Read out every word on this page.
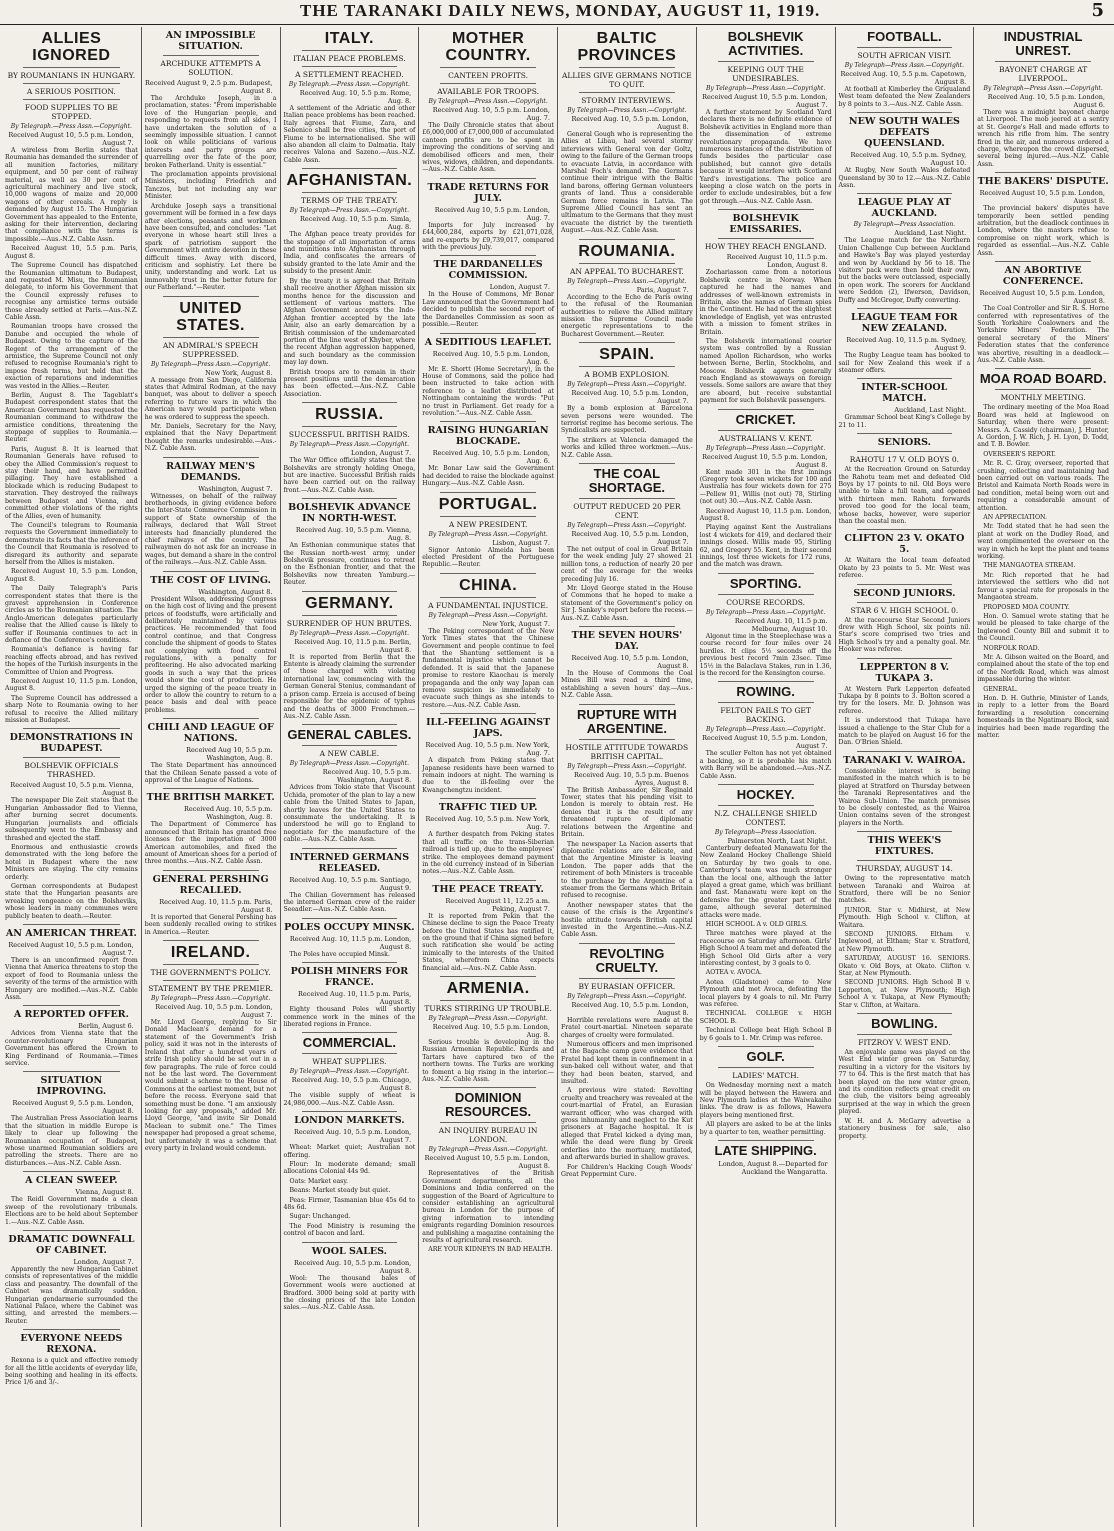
THE TARANAKI DAILY NEWS, MONDAY, AUGUST 11, 1919.	5
ALLIES IGNORED
BY ROUMANIANS IN HUNGARY.
A SERIOUS POSITION.
FOOD SUPPLIES TO BE STOPPED.
By Telegraph.—Press Assn.—Copyright.
Received August 10, 5.5 p.m. London, August 7.

A wireless from Berlin states that Roumania has demanded the surrender of all munition factories, military equipment, and 50 per cent of railway material, as well as 30 per cent of agricultural machinery and live stock, 10,000 wagons of maize and 20,000 wagons of other cereals. A reply is demanded by August 15. The Hungarian Government has appealed to the Entente, asking for their intervention, declaring that compliance with the terms is impossible.—Aus.-N.Z. Cable Assn.

Received August 10, 5.5 p.m. Paris, August 8.

The Supreme Council has dispatched the Roumanian ultimatum to Budapest, and requested M. Misu, the Roumanian delegate, to inform his Government that the Council expressly refuses to recognise any armistice terms outside those already settled at Paris.—Aus.-N.Z. Cable Assn.

Roumanian troops have crossed the Danube and occupied the whole of Budapest. Owing to the capture of the Regent of the arrangement of the armistice, the Supreme Council not only refused to recognise Roumania's right to impose fresh terms, but held that the exaction of reparations and indemnities was vested in the Allies.—Reuter.

Berlin, August 8. The Tageblatt's Budapest correspondent states that the American Government has requested the Roumanian command to withdraw the armistice conditions, threatening the stoppage of supplies to Roumania.—Reuter.

Paris, August 8. It is learned that Roumanian Generals have refused to obey the Allied Commission's request to stay their hand, and have permitted pillaging. They have established a blockade which is reducing Budapest to starvation. They destroyed the railways between Budapest and Vienna, and committed other violations of the rights of the Allies, even of humanity.

The Council's telegram to Roumania requests the Government immediately to demonstrate its facts that the inference of the Council that Roumania is resolved to disregard its authority and separate herself from the Allies is mistaken.

Received August 10, 5.5 p.m. London, August 8.

The Daily Telegraph's Paris correspondent states that there is the gravest apprehension in Conference circles as to the Roumanian situation. The Anglo-American delegates particularly realise that the Allied cause is likely to suffer if Roumania continues to act in defiance of the Conference's conditions.

Roumania's defiance is having far reaching effects abroad, and has revived the hopes of the Turkish insurgents in the Committee of Union and Progress.

Received August 10, 11.5 p.m. London, August 8.

The Supreme Council has addressed a sharp Note to Roumania owing to her refusal to receive the Allied military mission at Budapest.

DEMONSTRATIONS IN BUDAPEST.
BOLSHEVIK OFFICIALS THRASHED.
Received August 10, 5.5 p.m. Vienna, August 8.

The newspaper Die Zeit states that the Hungarian Ambassador fled to Vienna, after burning secret documents. Hungarian journalists and officials subsequently went to the Embassy and thrashed and ejected the staff.

Enormous and enthusiastic crowds demonstrated with the long before the hotel in Budapest where the new Ministers are staying. The city remains orderly.

German correspondents at Budapest state that the Hungarian peasants are wreaking vengeance on the Bolsheviks, whose leaders in many communes were publicly beaten to death.—Reuter.

AN AMERICAN THREAT.
Received August 10, 5.5 p.m. London, August 7.

There is an unconfirmed report from Vienna that America threatens to stop the export of food to Roumania unless the severity of the terms of the armistice with Hungary are modified.—Aus.-N.Z. Cable Assn.

A REPORTED OFFER.
Berlin, August 6.

Advices from Vienna state that the counter-revolutionary Hungarian Government has offered the Crown to King Ferdinand of Roumania.—Times service.

SITUATION IMPROVING.
Received August 9, 5.5 p.m. London, August 8.

The Australian Press Association learns that the situation in middle Europe is likely to clear up following the Roumanian occupation of Budapest, whose unarmed Roumanian soldiers are patrolling the streets. There are no disturbances.—Aus.-N.Z. Cable Assn.

A CLEAN SWEEP.
Vienna, August 8.

The Reidl Government made a clean sweep of the revolutionary tribunals. Elections are to be held about September 1.—Aus.-N.Z. Cable Assn.

DRAMATIC DOWNFALL OF CABINET.
London, August 7.

Apparently the new Hungarian Cabinet consists of representatives of the middle class and peasantry. The downfall of the Cabinet was dramatically sudden. Hungarian gendarmerie surrounded the National Palace, where the Cabinet was sitting, and arrested the members.—Reuter.

EVERYONE NEEDS REXONA.

Rexona is a quick and effective remedy for all the little accidents of everyday life, being soothing and healing in its effects. Price 1/6 and 3/-.

AN IMPOSSIBLE SITUATION.
ARCHDUKE ATTEMPTS A SOLUTION.
Received August 9, 2.5 p.m. Budapest, August 8.

The Archduke Joseph, in a proclamation, states: "From imperishable love of the Hungarian people, and responding to requests from all sides, I have undertaken the solution of a seemingly impossible situation. I cannot look on while politicians of various interests and party groups are quarrelling over the fate of the poor, broken Fatherland. Unity is essential."

The proclamation appoints provisional Ministers, including Friedrich and Tanczos, but not including any war Minister.

Archduke Joseph says a transitional government will be formed in a few days after elections, peasants and workmen have been consulted, and concludes: "Let everyone in whose heart still lives a spark of patriotism support the Government with entire devotion in these difficult times. Away with discord, criticism and sophistry. Let there be unity, understanding and work. Let us immovably trust in the better future for our Fatherland."—Reuter.

UNITED STATES.
AN ADMIRAL'S SPEECH SUPPRESSED.
By Telegraph—Press Assn.—Copyright.
New York, August 8.

A message from San Diego, California states that Admiral Rodman, at the navy banquet, was about to deliver a speech referring to future wars in which the American navy would participate when he was ordered to suppress the speech.

Mr. Daniels, Secretary for the Navy, explained that the Navy Department thought the remarks undesirable.—Aus.-N.Z. Cable Assn.

RAILWAY MEN'S DEMANDS.
Washington, August 7.

Witnesses, on behalf of the railway brotherhoods, in giving evidence before the Inter-State Commerce Commission in support of State ownership of the railways, declared that Wall Street interests had financially plundered the chief railways of the country. The railwaymen do not ask for an increase in wages, but demand a share in the control of the railways.—Aus.-N.Z. Cable Assn.

THE COST OF LIVING.
Washington, August 8.

President Wilson, addressing Congress on the high cost of living and the present prices of foodstuffs, were artificially and deliberately maintained by various practices. He recommended that food control continue, and that Congress conclude the shipment of goods to States not complying with food control regulations, with a penalty for profiteering. He also advocated marking goods in such a way that the prices would show the cost of production. He urged the signing of the peace treaty in order to allow the country to return to a peace basis and deal with peace problems.

CHILI AND LEAGUE OF NATIONS.
Received Aug 10, 5.5 p.m. Washington, Aug. 8.

The State Department has announced that the Chilean Senate passed a vote of approval of the League of Nations.

THE BRITISH MARKET.
Received Aug. 10, 5.5 p.m. Washington, Aug. 8.

The Department of Commerce has announced that Britain has granted free licenses for the importation of 3000 American automobiles, and fixed the amount of American shoes for a period of three months.—Aus.-N.Z. Cable Assn.

GENERAL PERSHING RECALLED.
Received Aug. 10, 11.5 p.m. Paris, August 8.

It is reported that General Pershing has been suddenly recalled owing to strikes in America.—Reuter.

IRELAND.
THE GOVERNMENT'S POLICY.
STATEMENT BY THE PREMIER.
By Telegraph—Press Assn.—Copyright.
Received Aug. 10, 5.5 p.m. London, August 7.

Mr. Lloyd George, replying to Sir Donald Maclean's demand for a statement of the Government's Irish policy, said it was not in the interests of Ireland that after a hundred years of strife Irish policy should be set out in a few paragraphs. The rule of force could not be the last word. The Government would submit a scheme to the House of Commons at the earliest moment, but not before the recess. Everyone said that something must be done. "I am anxiously looking for any proposals," added Mr. Lloyd George, "and invite Sir Donald Maclean to submit one." The Times newspaper had proposed a great scheme, but unfortunately it was a scheme that every party in Ireland would condemn.

ITALY.
ITALIAN PEACE PROBLEMS.
A SETTLEMENT REACHED.
By Telegraph.—Press Assn.—Copyright.
Received Aug. 10, 5.5 p.m. Rome, Aug. 8.

A settlement of the Adriatic and other Italian peace problems has been reached. Italy agrees that Fiume, Zara, and Sebenico shall be free cities, the port of Fiume to be internationalised. She will also abandon all claim to Dalmatia. Italy receives Valona and Sazeno.—Aus.-N.Z. Cable Assn.

AFGHANISTAN.
TERMS OF THE TREATY.
By Telegraph—Press Assn.—Copyright.
Received Aug. 10, 5.5 p.m. Simla, Aug. 8.

The Afghan peace treaty provides for the stoppage of all importation of arms and munitions into Afghanistan through India, and confiscates the arrears of subsidy granted to the late Amir and the subsidy to the present Amir.

By the treaty it is agreed that Britain shall receive another Afghan mission six months hence for the discussion and settlement of various matters. The Afghan Government accepts the Indo-Afghan frontier accepted by the late Amir, also an early demarcation by a British commission of the undemarcated portion of the line west of Khyber, where the recent Afghan aggression happened, and such boundary as the commission may lay down.

British troops are to remain in their present positions until the demarcation has been effected.—Aus.-N.Z. Cable Association.

RUSSIA.
SUCCESSFUL BRITISH RAIDS.
By Telegraph—Press Assn.—Copyright.
London, August 7.

The War Office officially states that the Bolsheviks are strongly holding Onega, but are inactive. Successful British raids have been carried out on the railway front.—Aus.-N.Z. Cable Assn.

BOLSHEVIK ADVANCE IN NORTH-WEST.
Received Aug. 10, 5.5 p.m. Vienna, Aug. 8.

An Esthonian communique states that the Russian north-west army, under Bolshevik pressure, continues to retreat on the Esthonian frontier, and that the Bolsheviks now threaten Yamburg.—Reuter.

GERMANY.
SURRENDER OF HUN BRUTES.
By Telegraph—Press Assn.—Copyright.
Received Aug. 10, 11.5 p.m. Berlin, August 8.

It is reported from Berlin that the Entente is already claiming the surrender of those charged with violating international law, commencing with the German General Stenius, commandant of a prison camp. Erzeia is accused of being responsible for the epidemic of typhus and the deaths of 3000 Frenchmen.—Aus.-N.Z. Cable Assn.

GENERAL CABLES.
A NEW CABLE.
By Telegraph—Press Assn.—Copyright.
Received Aug. 10, 5.5 p.m. Washington, August 8.

Advices from Tokio state that Viscount Uchida, promoter of the plan to lay a new cable from the United States to Japan, shortly leaves for the United States to consummate the undertaking. It is understood he will go to England to negotiate for the manufacture of the cable.—Aus.-N.Z. Cable Assn.

INTERNED GERMANS RELEASED.
Received Aug. 10, 5.5 p.m. Santiago, August 9.

The Chilian Government has released the interned German crew of the raider Seeadler.—Aus.-N.Z. Cable Assn.

POLES OCCUPY MINSK.
Received Aug. 10, 11.5 p.m. London, August 8.

The Poles have occupied Minsk.

POLISH MINERS FOR FRANCE.
Received Aug. 10, 11.5 p.m. Paris, August 8.

Eighty thousand Poles will shortly commence work in the mines of the liberated regions in France.

COMMERCIAL.
WHEAT SUPPLIES.
By Telegraph—Press Assn.—Copyright.
Received Aug. 10, 5.5 p.m. Chicago, August 8.

The visible supply of wheat is 24,986,000.—Aus.-N.Z. Cable Assn.

LONDON MARKETS.
Received Aug. 10, 5.5 p.m. London, August 7.

Wheat: Market quiet; Australian not offering.

Flour: In moderate demand; small allocations Colonial 44s 9d.

Oats: Market easy.

Beans: Market steady but quiet.

Peas: Firmer, Tasmanian blue 45s 6d to 48s 6d.

Sugar: Unchanged.

The Food Ministry is resuming the control of bacon and lard.

WOOL SALES.
Received Aug. 10, 5.5 p.m. London, August 8.

Wool: The thousand bales of Government wools were auctioned at Bradford. 3000 being sold at parity with the closing prices of the late London sales.—Aus.-N.Z. Cable Assn.

MOTHER COUNTRY.
CANTEEN PROFITS.
AVAILABLE FOR TROOPS.
By Telegraph—Press Assn.—Copyright.
Received Aug. 10, 5.5 p.m. London, Aug. 7.

The Daily Chronicle states that about £6,000,000 of £7,000,000 of accumulated canteen profits are to be spent in improving the conditions of serving and demobilised officers and men, their wives, widows, children, and dependants.—Aus.-N.Z. Cable Assn.

TRADE RETURNS FOR JULY.
Received Aug 10, 5.5 p.m. London, Aug. 7.

Imports for July increased by £44,600,284, exports by £21,071,028, and re-exports by £9,739,017, compared with the previous July.

THE DARDANELLES COMMISSION.
London, August 7.

In the House of Commons, Mr Bonar Law announced that the Government had decided to publish the second report of the Dardanelles Commission as soon as possible.—Reuter.

A SEDITIOUS LEAFLET.
Received Aug. 10, 5.5 p.m. London, Aug. 6.

Mr. E. Shortt (Home Secretary), in the House of Commons, said the police had been instructed to take action with reference to a leaflet distributed at Nottingham containing the words: "Put no trust in Parliament. Get ready for a revolution."—Aus.-N.Z. Cable Assn.

RAISING HUNGARIAN BLOCKADE.
Received Aug. 10, 5.5 p.m. London, Aug. 6.

Mr. Bonar Law said the Government had decided to raise the blockade against Hungary.—Aus.-N.Z. Cable Assn.

PORTUGAL.
A NEW PRESIDENT.
By Telegraph—Press Assn.—Copyright.
Lisbon, August 7.

Signor Antonio Almeida has been elected President of the Portuguese Republic.—Reuter.

CHINA.
A FUNDAMENTAL INJUSTICE.
By Telegraph—Press Assn.—Copyright.
New York, August 7.

The Peking correspondent of the New York Times states that the Chinese Government and people continue to feel that the Shantung settlement is a fundamental injustice which cannot be defended. It is said that the Japanese promise to restore Kiaochau is merely propaganda and the only way Japan can remove suspicion is immediately to evacuate such things as she intends to restore.—Aus.-N.Z. Cable Assn.

ILL-FEELING AGAINST JAPS.
Received Aug. 10, 5.5 p.m. New York, Aug. 7.

A dispatch from Peking states that Japanese residents have been warned to remain indoors at night. The warning is due to the ill-feeling over the Kwangchengtzu incident.

TRAFFIC TIED UP.
Received Aug. 10, 5.5 p.m. New York, Aug. 7.

A further despatch from Peking states that all traffic on the trans-Siberian railroad is tied up, due to the employees' strike. The employees demand payment in the old currency instead of in Siberian notes.—Aus.-N.Z. Cable Assn.

THE PEACE TREATY.
Received August 11, 12.25 a.m. Peking, August 7.

It is reported from Pekin that the Chinese decline to sign the Peace Treaty before the United States has ratified it, on the ground that if China signed before such ratification she would be acting inimically to the interests of the United States, wherefrom China expects financial aid.—Aus.-N.Z. Cable Assn.

ARMENIA.
TURKS STIRRING UP TROUBLE.
By Telegraph—Press Assn.—Copyright.
Received Aug. 10, 5.5 p.m. London, Aug. 8.

Serious trouble is developing in the Russian Armenian Republic. Kurds and Tartars have captured two of the northern towns. The Turks are working to foment a big rising in the interior.—Aus.-N.Z. Cable Assn.

DOMINION RESOURCES.
AN INQUIRY BUREAU IN LONDON.
By Telegraph—Press Assn.—Copyright.
Received August 10, 5.5 p.m. London, August 8.

Representatives of the British Government departments, all the Dominions and India conferred on the suggestion of the Board of Agriculture to consider establishing an agricultural bureau in London for the purpose of giving information to intending emigrants regarding Dominion resources and publishing a magazine containing the results of agricultural research.

ARE YOUR KIDNEYS IN BAD HEALTH.

BALTIC PROVINCES
ALLIES GIVE GERMANS NOTICE TO QUIT.
STORMY INTERVIEWS.
By Telegraph—Press Assn.—Copyright.
Received Aug. 10, 5.5 p.m. London, August 8.

General Gough who is representing the Allies at Libau, had several stormy interviews with General von der Goltz, owing to the failure of the German troops to evacuate Latvia, in accordance with Marshal Foch's demand. The Germans continue their intrigue with the Baltic land barons, offering German volunteers grants of land. Thus a considerable German force remains in Latvia. The Supreme Allied Council has sent an ultimatum to the Germans that they must evacuate the district by the twentieth August.—Aus.-N.Z. Cable Assn.

ROUMANIA.
AN APPEAL TO BUCHAREST.
By Telegraph—Press Assn.—Copyright.
Paris, August 7.

According to the Echo de Paris owing to the refusal of the Roumanian authorities to relieve the Allied military mission the Supreme Council made energetic representations to the Bucharest Government.—Reuter.

SPAIN.
A BOMB EXPLOSION.
By Telegraph—Press Assn.—Copyright.
Received Aug. 10, 5.5 p.m. London, August 7.

By a bomb explosion at Barcelona seven persons were wounded. The terrorist regime has become serious. The Syndicalists are suspected.

The strikers at Valencia damaged the works and killed three workmen.—Aus.-N.Z. Cable Assn.

THE COAL SHORTAGE.
OUTPUT REDUCED 20 PER CENT.
By Telegraph—Press Assn.—Copyright.
Received Aug. 10, 5.5 p.m. London, August 7.

The net output of coal in Great Britain for the week ending July 27 showed 21 million tons, a reduction of nearly 20 per cent of the average for the weeks preceding July 16.

Mr. Lloyd George stated in the House of Commons that he hoped to make a statement of the Government's policy on Sir J. Sankey's report before the recess.—Aus.-N.Z. Cable Assn.

THE SEVEN HOURS' DAY.
Received Aug. 10, 5.5 p.m. London, August 8.

In the House of Commons the Coal Mines Bill was read a third time, establishing a seven hours' day.—Aus.-N.Z. Cable Assn.

RUPTURE WITH ARGENTINE.
HOSTILE ATTITUDE TOWARDS BRITISH CAPITAL.
By Telegraph—Press Assn.—Copyright.
Received Aug. 10, 5.5 p.m. Buenos Ayres, August 8.

The British Ambassador, Sir Reginald Tower, states that his pending visit to London is merely to obtain rest. He denies that it is the result of any threatened rupture of diplomatic relations between the Argentine and Britain.

The newspaper La Nacion asserts that diplomatic relations are delicate, and that the Argentine Minister is leaving London. The paper adds that the retirement of both Ministers is traceable to the purchase by the Argentine of a steamer from the Germans which Britain refused to recognise.

Another newspaper states that the cause of the crisis is the Argentine's hostile attitude towards British capital invested in the Argentine.—Aus.-N.Z. Cable Assn.

REVOLTING CRUELTY.
BY EURASIAN OFFICER.
By Telegraph—Press Assn.—Copyright.
Received Aug. 10, 5.5 p.m. London, August 8.

Horrible revelations were made at the Fratel court-martial. Nineteen separate charges of cruelty were formulated.

Numerous officers and men imprisoned at the Bagache camp gave evidence that Fratel had kept them in confinement in a sun-baked cell without water, and that they had been beaten, starved, and insulted.

A previous wire stated: Revolting cruelty and treachery was revealed at the court-martial of Fratel, an Eurasian warrant officer, who was charged with gross inhumanity and neglect to the Kut prisoners at Bagache hospital. It is alleged that Fratel kicked a dying man, while the dead were flung by Greek orderlies into the mortuary, mutilated, and afterwards buried in shallow graves.

For Children's Hacking Cough Woods' Great Peppermint Cure.

BOLSHEVIK ACTIVITIES.
KEEPING OUT THE UNDESIRABLES.
By Telegraph—Press Assn.—Copyright.
Received August 10, 5.5 p.m. London, August 7.

A further statement by Scotland Yard declares there is no definite evidence of Bolshevik activities in England more than the dissemination of extreme revolutionary propaganda. We have numerous instances of the distribution of funds besides the particular case published, but cannot give details because it would interfere with Scotland Yard's investigations. The police are keeping a close watch on the ports in order to exclude undesirables, but a few got through.—Aus.-N.Z. Cable Assn.

BOLSHEVIK EMISSARIES.
HOW THEY REACH ENGLAND.
Received August 10, 11.5 p.m. London, August 8.

Zochariasson came from a notorious Bolshevik centre in Norway. When captured he had the names and addresses of well-known extremists in Britain, also the names of German spies in the Continent. He had not the slightest knowledge of English, yet was entrusted with a mission to foment strikes in Britain.

The Bolshevik international courier system was controlled by a Russian named Apollon Richardson, who works between Berne, Berlin, Stockholm, and Moscow. Bolshevik agents generally reach England as stowaways on foreign vessels. Some sailors are aware that they are aboard, but receive substantial payment for such Bolshevik passengers.

CRICKET.
AUSTRALIANS V. KENT.
By Telegraph—Press Assn.—Copyright.
Received August 10, 5.5 p.m. London, August 8.

Kent made 301 in the first innings (Gregory took seven wickets for 100 and Australia has four wickets down for 275—Pellew 91, Willis (not out) 78, Stirling (not out) 30.—Aus.-N.Z. Cable Assn.

Received August 10, 11.5 p.m. London, August 8.

Playing against Kent the Australians lost 4 wickets for 419, and declared their innings closed. Willis made 95, Stirling 62, and Gregory 55. Kent, in their second innings, lost three wickets for 172 runs, and the match was drawn.

SPORTING.
COURSE RECORDS.
By Telegraph—Press Assn.—Copyright.
Received Aug. 10, 11.5 p.m. Melbourne, August 10.

Algonut time in the Steeplechase was a course record for four miles over 24 hurdles. It clips 5½ seconds off the previous best record 7min 23sec. Time 15½ in the Balaclava Stakes, run in 1.36, is the record for the Kensington course.

ROWING.
FELTON FAILS TO GET BACKING.
By Telegraph—Press Assn.—Copyright.
Received August 10, 5.5 p.m. London, August 7.

The sculler Felton has not yet obtained a backing, so it is probable his match with Barry will be abandoned.—Aus.-N.Z. Cable Assn.

HOCKEY.
N.Z. CHALLENGE SHIELD CONTEST.
By Telegraph—Press Association.
Palmerston North, Last Night.

Canterbury defeated Manawatu for the New Zealand Hockey Challenge Shield on Saturday by two goals to one. Canterbury's team was much stronger than the local one, although the latter played a great game, which was brilliant and fast. Manawatu were kept on the defensive for the greater part of the game, although several determined attacks were made.

HIGH SCHOOL A v. OLD GIRLS.

Three matches were played at the racecourse on Saturday afternoon. Girls' High School A team met and defeated the High School Old Girls after a very interesting contest, by 3 goals to 0.

AOTEA v. AVOCA.

Aotea (Gladstone) came to New Plymouth and met Avoca, defeating the local players by 4 goals to nil. Mr. Parry was referee.

TECHNICAL COLLEGE v. HIGH SCHOOL B.

Technical College beat High School B by 6 goals to 1. Mr. Crimp was referee.

GOLF.
LADIES' MATCH.

On Wednesday morning next a match will be played between the Hawera and New Plymouth ladies at the Waiwakaiho links. The draw is as follows, Hawera players being mentioned first.

All players are asked to be at the links by a quarter to ten, weather permitting.

LATE SHIPPING.
London, August 8.—Departed for Auckland the Wangaratta.
FOOTBALL.
SOUTH AFRICAN VISIT.
By Telegraph—Press Assn.—Copyright.
Received Aug. 10, 5.5 p.m. Capetown, August 8.

At football at Kimberley the Griqualand West team defeated the New Zealanders by 8 points to 3.—Aus.-N.Z. Cable Assn.

NEW SOUTH WALES DEFEATS QUEENSLAND.
Received Aug. 10, 5.5 p.m. Sydney, August 10.

At Rugby, New South Wales defeated Queensland by 30 to 12.—Aus.-N.Z. Cable Assn.

LEAGUE PLAY AT AUCKLAND.
By Telegraph—Press Association.
Auckland, Last Night.

The League match for the Northern Union Challenge Cup between Auckland and Hawke's Bay was played yesterday and won by Auckland by 56 to 18. The visitors' pack were then hold their own, but the backs were outclassed, especially in open work. The scorers for Auckland were Seddon (2), Ifwerson, Davidson, Duffy and McGregor, Duffy converting.

LEAGUE TEAM FOR NEW ZEALAND.
Received Aug. 10, 11.5 p.m. Sydney, August 9.

The Rugby League team has booked to sail for New Zealand this week if a steamer offers.

INTER-SCHOOL MATCH.
Auckland, Last Night.

Grammar School beat King's College by 21 to 11.

SENIORS.
RAHOTU 17 V. OLD BOYS 0.

At the Recreation Ground on Saturday the Rahotu team met and defeated Old Boys by 17 points to nil. Old Boys were unable to take a full team, and opened with thirteen men. Rahotu forwards proved too good for the local team, whose backs, however, were superior than the coastal men.

CLIFTON 23 V. OKATO 5.

At Waitara the local team defeated Okato by 23 points to 5. Mr. West was referee.

SECOND JUNIORS.
STAR 6 V. HIGH SCHOOL 0.

At the racecourse Star Second Juniors drew with High School, six points nil. Star's score comprised two tries and High School's try and a penalty goal. Mr. Hooker was referee.

LEPPERTON 8 V. TUKAPA 3.

At Western Park Lepperton defeated Tukapa by 8 points to 3. Bolton scored a try for the losers. Mr. D. Johnson was referee.

It is understood that Tukapa have issued a challenge to the Star Club for a match to be played on August 16 for the Dan. O'Brien Shield.

TARANAKI V. WAIROA.

Considerable interest is being manifested in the match which is to be played at Stratford on Thursday between the Taranaki Representatives and the Wairoa Sub-Union. The match promises to be closely contested, as the Wairoa Union contains seven of the strongest players in the North.

THIS WEEK'S FIXTURES.
THURSDAY, AUGUST 14.

Owing to the representative match between Taranaki and Wairoa at Stratford, there will be no Senior matches.

JUNIOR. Star v. Midhirst, at New Plymouth. High School v. Clifton, at Waitara.

SECOND JUNIORS. Eltham v. Inglewood, at Eltham; Star v. Stratford, at New Plymouth.

SATURDAY, AUGUST 16. SENIORS. Okato v. Old Boys, at Okato. Clifton v. Star, at New Plymouth.

SECOND JUNIORS. High School B v. Lepperton, at New Plymouth; High School A v. Tukapa, at New Plymouth; Star v. Clifton, at Waitara.

BOWLING.
FITZROY V. WEST END.

An enjoyable game was played on the West End winter green on Saturday, resulting in a victory for the visitors by 77 to 64. This is the first match that has been played on the new winter green, and its condition reflects great credit on the club, the visitors being agreeably surprised at the way in which the green played.

W. H. and A. McGarry advertise a stationery business for sale, also property.

INDUSTRIAL UNREST.
BAYONET CHARGE AT LIVERPOOL.
By Telegraph—Press Assn.—Copyright.
Received Aug. 10, 5.5 p.m. London, August 6.

There was a midnight bayonet charge at Liverpool. The mob jeered at a sentry at St. George's Hall and made efforts to wrench his rifle from him. The sentry fired in the air, and numerous ordered a charge, whereupon the crowd dispersed, several being injured.—Aus.-N.Z. Cable Assn.

THE BAKERS' DISPUTE.
Received August 10, 5.5 p.m. London, August 8.

The provincial bakers' disputes have temporarily been settled pending arbitration, but the deadlock continues in London, where the masters refuse to compromise on night work, which is regarded as essential.—Aus.-N.Z. Cable Assn.

AN ABORTIVE CONFERENCE.
Received August 10, 5.5 p.m. London, August 8.

The Coal Controller and Sir R. S. Horne conferred with representatives of the South Yorkshire Coalowners and the Yorkshire Miners' Federation. The general secretary of the Miners' Federation states that the conference was abortive, resulting in a deadlock.—Aus.-N.Z. Cable Assn.

MOA ROAD BOARD.
MONTHLY MEETING.

The ordinary meeting of the Moa Road Board was held at Inglewood on Saturday, when there were present: Messrs. A. Cassidy (chairman), J. Hunter, A. Gordon, J. W. Rich, J. H. Lyon, D. Todd, and T. B. Bowler.

OVERSEER'S REPORT.

Mr. R. C. Gray, overseer, reported that crushing, collecting and maintaining had been carried out on various roads. The Bristol and Kaimata North Roads were in bad condition, metal being worn out and requiring a considerable amount of attention.

AN APPRECIATION.

Mr. Todd stated that he had seen the plant at work on the Dudley Road, and went complimented the overseer on the way in which he kept the plant and teams working.

THE MANGAOTEA STREAM.

Mr. Rich reported that he had interviewed the settlers who did not favour a special rate for proposals in the Mangaotea stream.

PROPOSED MOA COUNTY.

Hon. O. Samuel wrote stating that he would be pleased to take charge of the Inglewood County Bill and submit it to the Council.

NORFOLK ROAD.

Mr. A. Gibson waited on the Board, and complained about the state of the top end of the Norfolk Road, which was almost impassable during the winter.

GENERAL.

Hon. D. H. Guthrie, Minister of Lands, in reply to a letter from the Board forwarding a resolution concerning homesteads in the Ngatimaru Block, said inquiries had been made regarding the matter.
